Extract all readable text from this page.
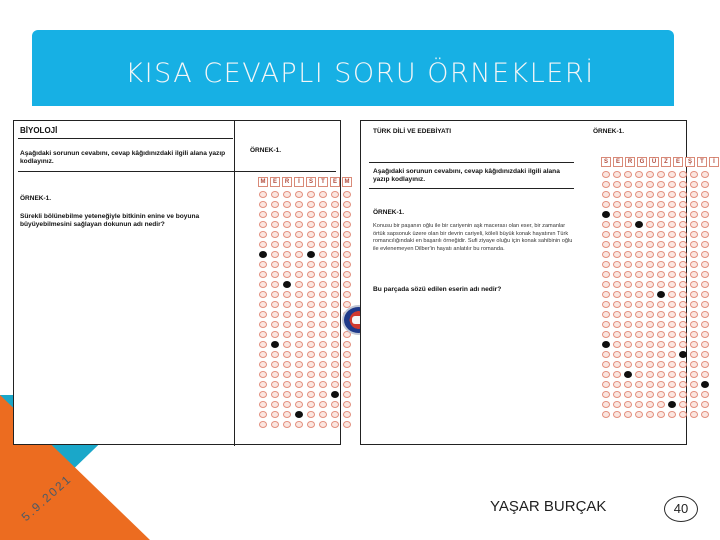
KISA CEVAPLI SORU ÖRNEKLERİ
BİYOLOJİ
Aşağıdaki sorunun cevabını, cevap kâğıdınızdaki ilgili alana yazıp kodlayınız.
ÖRNEK-1.
Sürekli bölünebilme yeteneğiyle bitkinin enine ve boyuna büyüyebilmesini sağlayan dokunun adı nedir?
ÖRNEK-1.
M	E	R	İ	S	T	E	M
TÜRK DİLİ VE EDEBİYATI	ÖRNEK-1.
S	E	R	G	Ü	Z	E	Ş	T	İ
Aşağıdaki sorunun cevabını, cevap kâğıdınızdaki ilgili alana yazıp kodlayınız.
ÖRNEK-1.
Konusu bir paşanın oğlu ile bir cariyenin aşk macerası olan eser, bir zamanlar örtük sapsonuk üzere olan bir devrin cariyeli, köleli büyük konak hayatının Türk romancılığındaki en başarılı örneğidir. Sufi ziyaye oluğu için konak sahibinin oğlu ile evlenemeyen Dilber'in hayatı anlatılır bu romanda.
Bu parçada sözü edilen eserin adı nedir?
5.9.2021	YAŞAR BURÇAK	40
